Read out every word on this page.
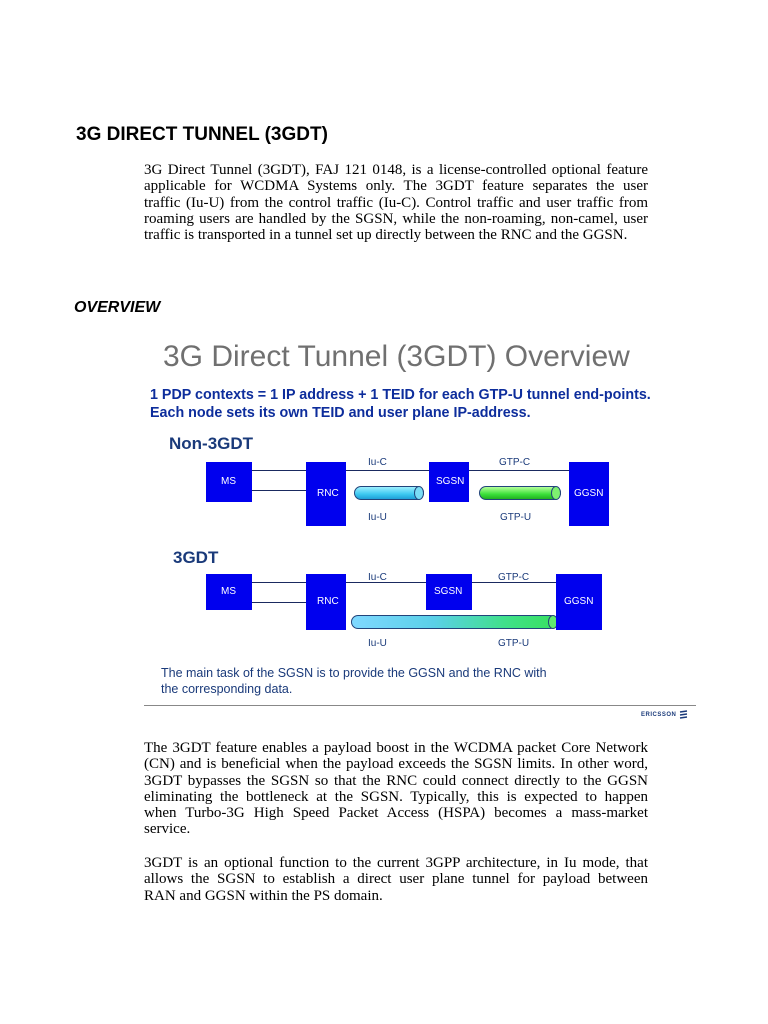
3G DIRECT TUNNEL (3GDT)
3G Direct Tunnel (3GDT), FAJ 121 0148, is a license-controlled optional feature
applicable for WCDMA Systems only. The 3GDT feature separates the user
traffic (Iu-U) from the control traffic (Iu-C). Control traffic and user traffic from
roaming users are handled by the SGSN, while the non-roaming, non-camel, user
traffic is transported in a tunnel set up directly between the RNC and the GGSN.
OVERVIEW
3G Direct Tunnel (3GDT) Overview
1 PDP contexts = 1 IP address + 1 TEID for each GTP-U tunnel end-points.
Each node sets its own TEID and user plane IP-address.
Non-3GDT
MS
RNC
SGSN
GGSN
Iu-C	GTP-C
Iu-U	GTP-U
3GDT
MS
RNC
SGSN
GGSN
Iu-C	GTP-C
Iu-U	GTP-U
The main task of the SGSN is to provide the GGSN and the RNC with
the corresponding data.
ERICSSON
The 3GDT feature enables a payload boost in the WCDMA packet Core Network
(CN) and is beneficial when the payload exceeds the SGSN limits. In other word,
3GDT bypasses the SGSN so that the RNC could connect directly to the GGSN
eliminating the bottleneck at the SGSN. Typically, this is expected to happen
when Turbo-3G High Speed Packet Access (HSPA) becomes a mass-market
service.
3GDT is an optional function to the current 3GPP architecture, in Iu mode, that
allows the SGSN to establish a direct user plane tunnel for payload between
RAN and GGSN within the PS domain.
